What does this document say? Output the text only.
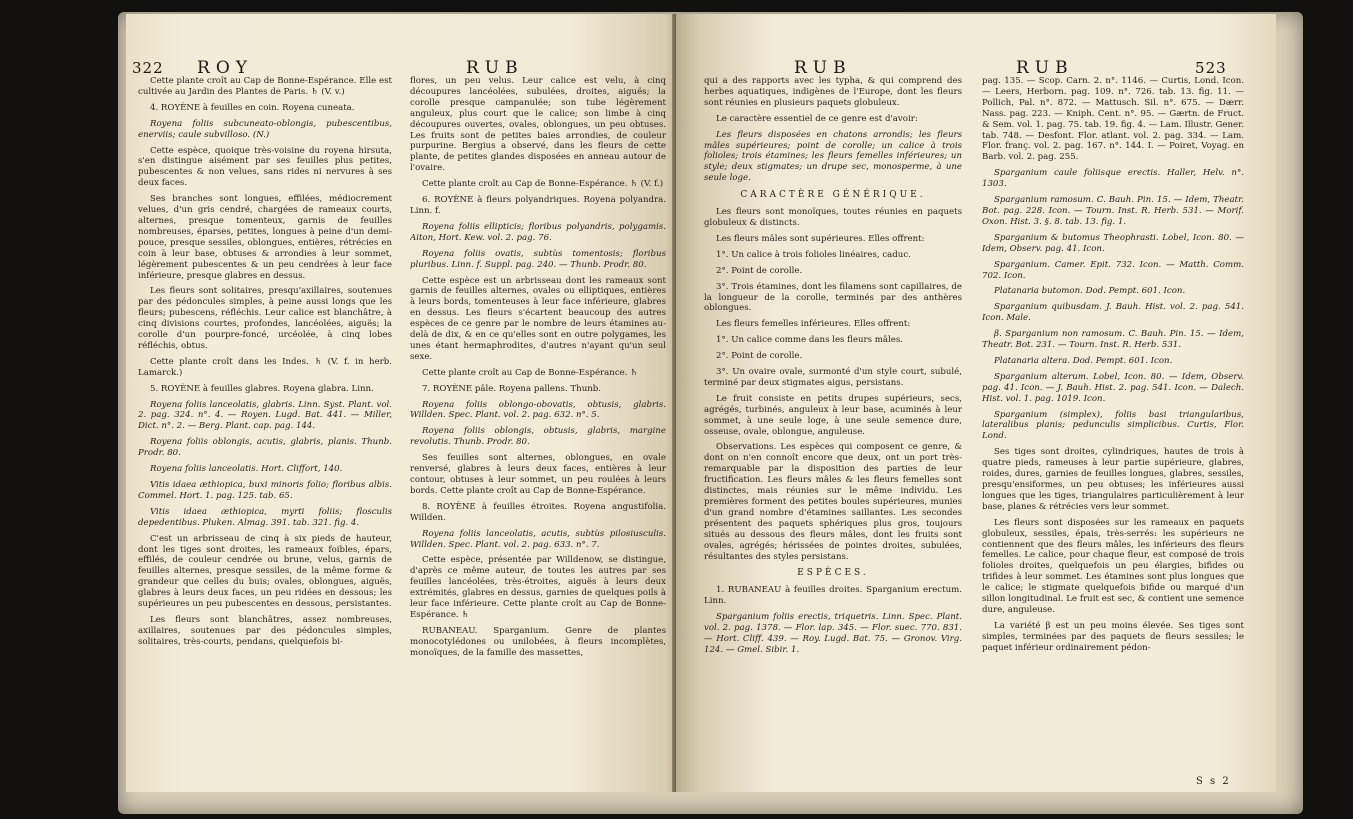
322 ROY	RUB

Cette plante croît au Cap de Bonne-Espérance. Elle est cultivée au Jardin des Plantes de Paris. ♄ (V. v.)

4. ROYÈNE à feuilles en coin. Royena cuneata.

Royena foliis subcuneato-oblongis, pubescentibus, enerviis; caule subvilloso. (N.)

Cette espèce, quoique très-voisine du royena hirsuta, s'en distingue aisément par ses feuilles plus petites, pubescentes & non velues, sans rides ni nervures à ses deux faces.

Ses branches sont longues, effilées, médiocrement velues, d'un gris cendré, chargées de rameaux courts, alternes, presque tomenteux, garnis de feuilles nombreuses, éparses, petites, longues à peine d'un demi-pouce, presque sessiles, oblongues, entières, rétrécies en coin à leur base, obtuses & arrondies à leur sommet, légèrement pubescentes & un peu cendrées à leur face inférieure, presque glabres en dessus.

Les fleurs sont solitaires, presqu'axillaires, soutenues par des pédoncules simples, à peine aussi longs que les fleurs; pubescens, réfléchis. Leur calice est blanchâtre, à cinq divisions courtes, profondes, lancéolées, aiguës; la corolle d'un pourpre-foncé, urcéolée, à cinq lobes réfléchis, obtus.

Cette plante croît dans les Indes. ♄ (V. f. in herb. Lamarck.)

5. ROYÈNE à feuilles glabres. Royena glabra. Linn.

Royena foliis lanceolatis, glabris. Linn. Syst. Plant. vol. 2. pag. 324. n°. 4. — Royen. Lugd. Bat. 441. — Miller, Dict. n°. 2. — Berg. Plant. cap. pag. 144.

Royena foliis oblongis, acutis, glabris, planis. Thunb. Prodr. 80.

Royena foliis lanceolatis. Hort. Cliffort, 140.

Vitis idaea æthiopica, buxi minoris folio; floribus albis. Commel. Hort. 1. pag. 125. tab. 65.

Vitis idaea æthiopica, myrti foliis; flosculis depedentibus. Pluken. Almag. 391. tab. 321. fig. 4.

C'est un arbrisseau de cinq à six pieds de hauteur, dont les tiges sont droites, les rameaux foibles, épars, effilés, de couleur cendrée ou brune, velus, garnis de feuilles alternes, presque sessiles, de la même forme & grandeur que celles du buis; ovales, oblongues, aiguës, glabres à leurs deux faces, un peu ridées en dessous; les supérieures un peu pubescentes en dessous, persistantes.

Les fleurs sont blanchâtres, assez nombreuses, axillaires, soutenues par des pédoncules simples, solitaires, très-courts, pendans, quelquefois bi-

flores, un peu velus. Leur calice est velu, à cinq découpures lancéolées, subulées, droites, aiguës; la corolle presque campanulée; son tube légèrement anguleux, plus court que le calice; son limbe à cinq découpures ouvertes, ovales, oblongues, un peu obtuses. Les fruits sont de petites baies arrondies, de couleur purpurine. Bergius a observé, dans les fleurs de cette plante, de petites glandes disposées en anneau autour de l'ovaire.

Cette plante croît au Cap de Bonne-Espérance. ♄ (V. f.)

6. ROYÈNE à fleurs polyandriques. Royena polyandra. Linn. f.

Royena foliis ellipticis; floribus polyandris, polygamis. Aiton, Hort. Kew. vol. 2. pag. 76.

Royena foliis ovatis, subtùs tomentosis; floribus pluribus. Linn. f. Suppl. pag. 240. — Thunb. Prodr. 80.

Cette espèce est un arbrisseau dont les rameaux sont garnis de feuilles alternes, ovales ou elliptiques, entières à leurs bords, tomenteuses à leur face inférieure, glabres en dessus. Les fleurs s'écartent beaucoup des autres espèces de ce genre par le nombre de leurs étamines au-delà de dix, & en ce qu'elles sont en outre polygames, les unes étant hermaphrodites, d'autres n'ayant qu'un seul sexe.

Cette plante croît au Cap de Bonne-Espérance. ♄

7. ROYÈNE pâle. Royena pallens. Thunb.

Royena foliis oblongo-obovatis, obtusis, glabris. Willden. Spec. Plant. vol. 2. pag. 632. n°. 5.

Royena foliis oblongis, obtusis, glabris, margine revolutis. Thunb. Prodr. 80.

Ses feuilles sont alternes, oblongues, en ovale renversé, glabres à leurs deux faces, entières à leur contour, obtuses à leur sommet, un peu roulées à leurs bords. Cette plante croît au Cap de Bonne-Espérance.

8. ROYÈNE à feuilles étroites. Royena angustifolia. Willden.

Royena foliis lanceolatis, acutis, subtùs pilosiusculis. Willden. Spec. Plant. vol. 2. pag. 633. n°. 7.

Cette espèce, présentée par Willdenow, se distingue, d'après ce même auteur, de toutes les autres par ses feuilles lancéolées, très-étroites, aiguës à leurs deux extrémités, glabres en dessus, garnies de quelques poils à leur face inférieure. Cette plante croît au Cap de Bonne-Espérance. ♄

RUBANEAU. Sparganium. Genre de plantes monocotylédones ou unilobées, à fleurs incomplètes, monoïques, de la famille des massettes,

RUB	RUB	523

qui a des rapports avec les typha, & qui comprend des herbes aquatiques, indigènes de l'Europe, dont les fleurs sont réunies en plusieurs paquets globuleux.

Le caractère essentiel de ce genre est d'avoir:

Les fleurs disposées en chatons arrondis; les fleurs mâles supérieures; point de corolle; un calice à trois folioles; trois étamines; les fleurs femelles inférieures; un style; deux stigmates; un drupe sec, monosperme, à une seule loge.

CARACTÈRE GÉNÉRIQUE.

Les fleurs sont monoïques, toutes réunies en paquets globuleux & distincts.

Les fleurs mâles sont supérieures. Elles offrent:

1°. Un calice à trois folioles linéaires, caduc.

2°. Point de corolle.

3°. Trois étamines, dont les filamens sont capillaires, de la longueur de la corolle, terminés par des anthères oblongues.

Les fleurs femelles inférieures. Elles offrent:

1°. Un calice comme dans les fleurs mâles.

2°. Point de corolle.

3°. Un ovaire ovale, surmonté d'un style court, subulé, terminé par deux stigmates aigus, persistans.

Le fruit consiste en petits drupes supérieurs, secs, agrégés, turbinés, anguleux à leur base, acuminés à leur sommet, à une seule loge, à une seule semence dure, osseuse, ovale, oblongue, anguleuse.

Observations. Les espèces qui composent ce genre, & dont on n'en connoît encore que deux, ont un port très-remarquable par la disposition des parties de leur fructification. Les fleurs mâles & les fleurs femelles sont distinctes, mais réunies sur le même individu. Les premières forment des petites boules supérieures, munies d'un grand nombre d'étamines saillantes. Les secondes présentent des paquets sphériques plus gros, toujours situés au dessous des fleurs mâles, dont les fruits sont ovales, agrégés; hérissées de pointes droites, subulées, résultantes des styles persistans.

ESPÈCES.

1. RUBANEAU à feuilles droites. Sparganium erectum. Linn.

Sparganium foliis erectis, triquetris. Linn. Spec. Plant. vol. 2. pag. 1378. — Flor. lap. 345. — Flor. suec. 770. 831. — Hort. Cliff. 439. — Roy. Lugd. Bat. 75. — Gronov. Virg. 124. — Gmel. Sibir. 1.

pag. 135. — Scop. Carn. 2. n°. 1146. — Curtis, Lond. Icon. — Leers, Herborn. pag. 109. n°. 726. tab. 13. fig. 11. — Pollich, Pal. n°. 872. — Mattusch. Sil. n°. 675. — Dærr. Nass. pag. 223. — Kniph. Cent. n°. 95. — Gærtn. de Fruct. & Sem. vol. 1. pag. 75. tab. 19. fig. 4. — Lam. Illustr. Gener. tab. 748. — Desfont. Flor. atlant. vol. 2. pag. 334. — Lam. Flor. franç. vol. 2. pag. 167. n°. 144. I. — Poiret, Voyag. en Barb. vol. 2. pag. 255.

Sparganium caule foliisque erectis. Haller, Helv. n°. 1303.

Sparganium ramosum. C. Bauh. Pin. 15. — Idem, Theatr. Bot. pag. 228. Icon. — Tourn. Inst. R. Herb. 531. — Morif. Oxon. Hist. 3. §. 8. tab. 13. fig. 1.

Sparganium & butomus Theophrasti. Lobel, Icon. 80. — Idem, Observ. pag. 41. Icon.

Sparganium. Camer. Epit. 732. Icon. — Matth. Comm. 702. Icon.

Platanaria butomon. Dod. Pempt. 601. Icon.

Sparganium quibusdam. J. Bauh. Hist. vol. 2. pag. 541. Icon. Male.

β. Sparganium non ramosum. C. Bauh. Pin. 15. — Idem, Theatr. Bot. 231. — Tourn. Inst. R. Herb. 531.

Platanaria altera. Dod. Pempt. 601. Icon.

Sparganium alterum. Lobel, Icon. 80. — Idem, Observ. pag. 41. Icon. — J. Bauh. Hist. 2. pag. 541. Icon. — Dalech. Hist. vol. 1. pag. 1019. Icon.

Sparganium (simplex), foliis basi triangularibus, lateralibus planis; pedunculis simplicibus. Curtis, Flor. Lond.

Ses tiges sont droites, cylindriques, hautes de trois à quatre pieds, rameuses à leur partie supérieure, glabres, roides, dures, garnies de feuilles longues, glabres, sessiles, presqu'ensiformes, un peu obtuses; les inférieures aussi longues que les tiges, triangulaires particulièrement à leur base, planes & rétrécies vers leur sommet.

Les fleurs sont disposées sur les rameaux en paquets globuleux, sessiles, épais, très-serrés: les supérieurs ne contiennent que des fleurs mâles, les inférieurs des fleurs femelles. Le calice, pour chaque fleur, est composé de trois folioles droites, quelquefois un peu élargies, bifides ou trifides à leur sommet. Les étamines sont plus longues que le calice; le stigmate quelquefois bifide ou marqué d'un sillon longitudinal. Le fruit est sec, & contient une semence dure, anguleuse.

La variété β est un peu moins élevée. Ses tiges sont simples, terminées par des paquets de fleurs sessiles; le paquet inférieur ordinairement pédon-

S s 2
